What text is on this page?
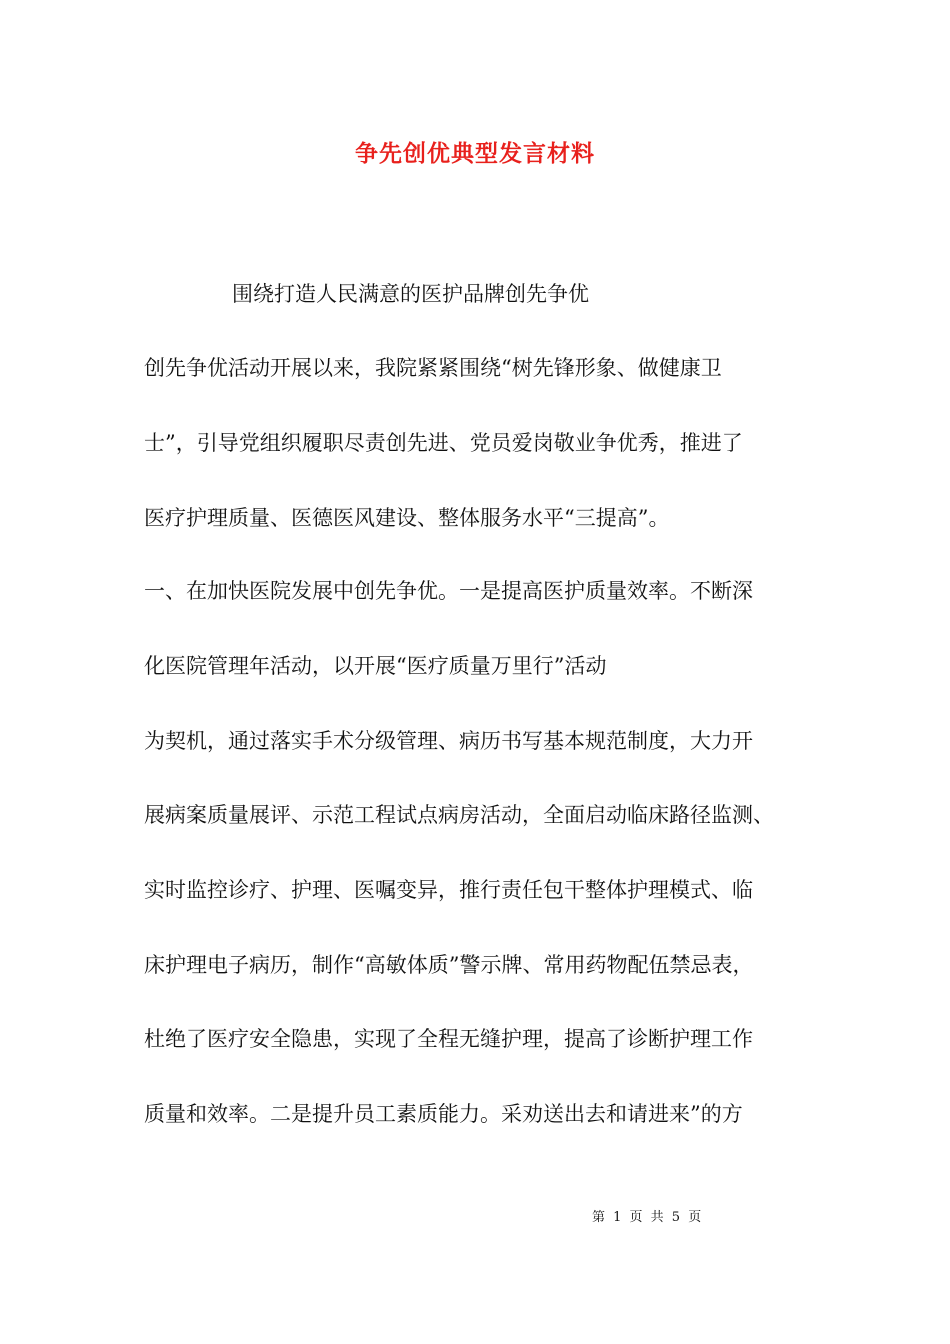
争先创优典型发言材料
围绕打造人民满意的医护品牌创先争优
创先争优活动开展以来，我院紧紧围绕“树先锋形象、做健康卫
士”，引导党组织履职尽责创先进、党员爱岗敬业争优秀，推进了
医疗护理质量、医德医风建设、整体服务水平“三提高”。
一、在加快医院发展中创先争优。一是提高医护质量效率。不断深
化医院管理年活动，以开展“医疗质量万里行”活动
为契机，通过落实手术分级管理、病历书写基本规范制度，大力开
展病案质量展评、示范工程试点病房活动，全面启动临床路径监测、
实时监控诊疗、护理、医嘱变异，推行责任包干整体护理模式、临
床护理电子病历，制作“高敏体质”警示牌、常用药物配伍禁忌表，
杜绝了医疗安全隐患，实现了全程无缝护理，提高了诊断护理工作
质量和效率。二是提升员工素质能力。采劝送出去和请进来”的方
第 1 页 共 5 页
